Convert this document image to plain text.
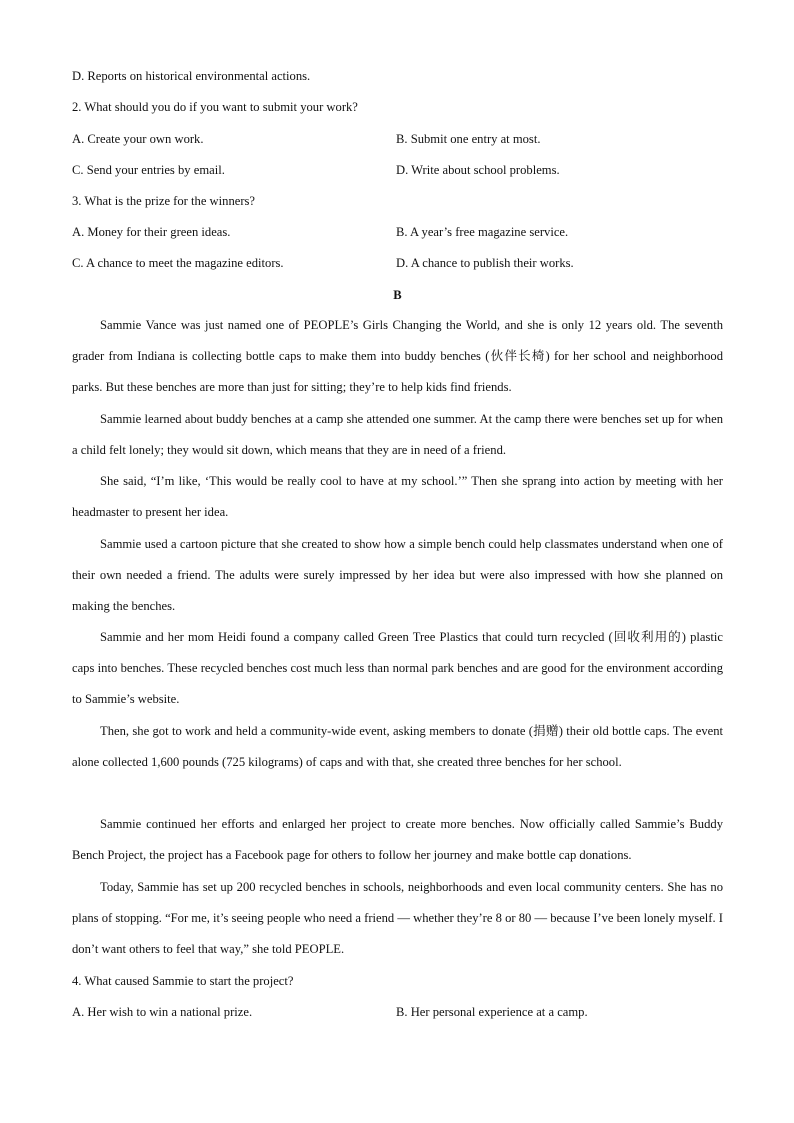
D. Reports on historical environmental actions.
2. What should you do if you want to submit your work?
A. Create your own work.	B. Submit one entry at most.
C. Send your entries by email.	D. Write about school problems.
3. What is the prize for the winners?
A. Money for their green ideas.	B. A year’s free magazine service.
C. A chance to meet the magazine editors.	D. A chance to publish their works.
B
Sammie Vance was just named one of PEOPLE’s Girls Changing the World, and she is only 12 years old. The seventh grader from Indiana is collecting bottle caps to make them into buddy benches (伙伴长椅) for her school and neighborhood parks. But these benches are more than just for sitting; they’re to help kids find friends.
Sammie learned about buddy benches at a camp she attended one summer. At the camp there were benches set up for when a child felt lonely; they would sit down, which means that they are in need of a friend.
She said, “I’m like, ‘This would be really cool to have at my school.’” Then she sprang into action by meeting with her headmaster to present her idea.
Sammie used a cartoon picture that she created to show how a simple bench could help classmates understand when one of their own needed a friend. The adults were surely impressed by her idea but were also impressed with how she planned on making the benches.
Sammie and her mom Heidi found a company called Green Tree Plastics that could turn recycled (回收利用的) plastic caps into benches. These recycled benches cost much less than normal park benches and are good for the environment according to Sammie’s website.
Then, she got to work and held a community-wide event, asking members to donate (捐赠) their old bottle caps. The event alone collected 1,600 pounds (725 kilograms) of caps and with that, she created three benches for her school.
Sammie continued her efforts and enlarged her project to create more benches. Now officially called Sammie’s Buddy Bench Project, the project has a Facebook page for others to follow her journey and make bottle cap donations.
Today, Sammie has set up 200 recycled benches in schools, neighborhoods and even local community centers. She has no plans of stopping. “For me, it’s seeing people who need a friend — whether they’re 8 or 80 — because I’ve been lonely myself. I don’t want others to feel that way,” she told PEOPLE.
4. What caused Sammie to start the project?
A. Her wish to win a national prize.	B. Her personal experience at a camp.
